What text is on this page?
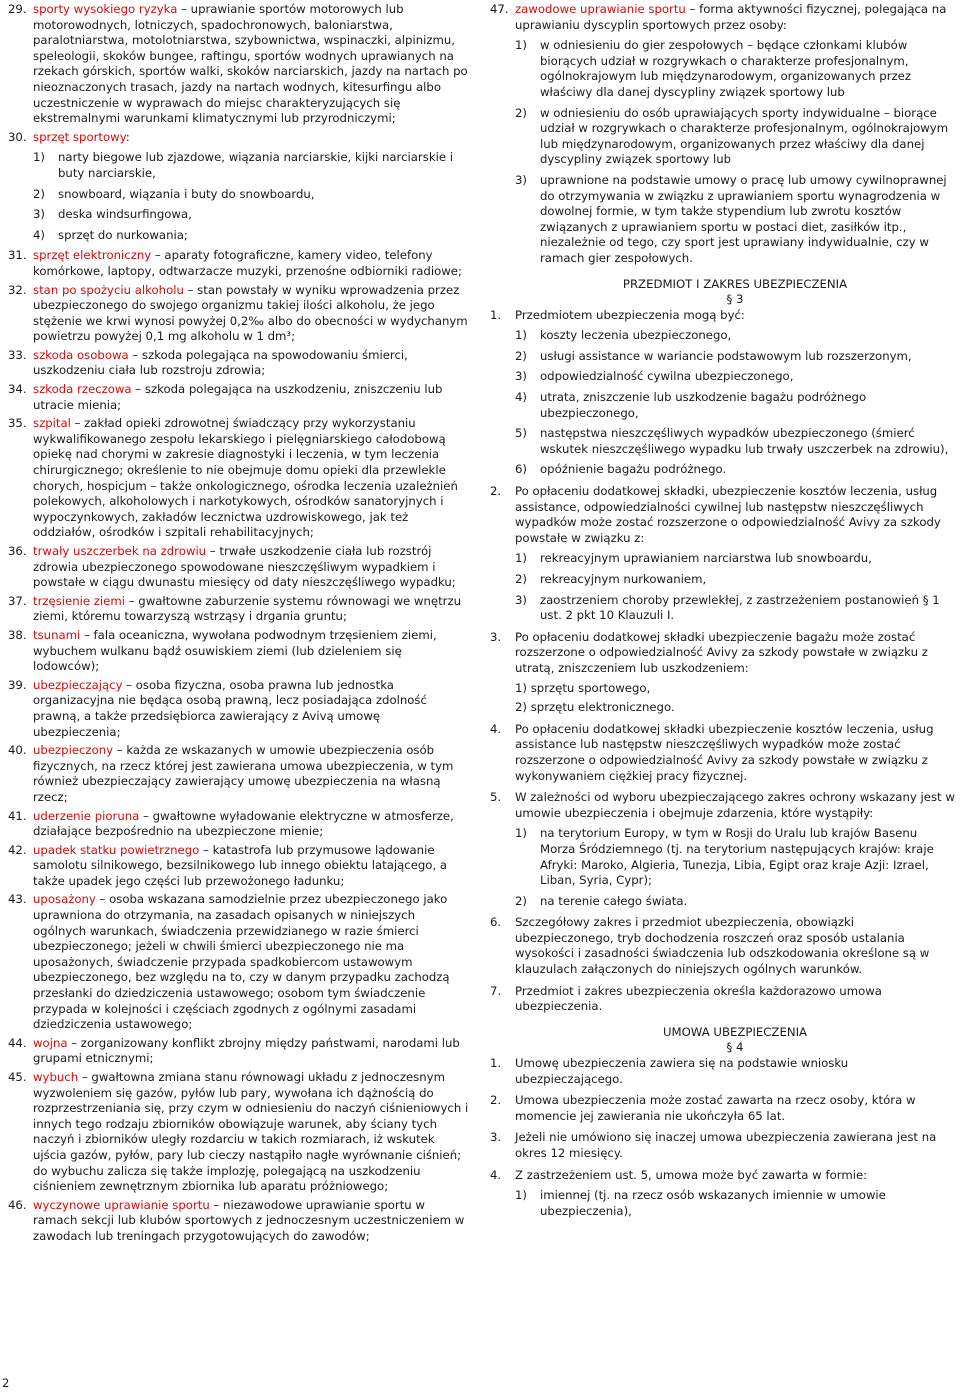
29. sporty wysokiego ryzyka – uprawianie sportów motorowych lub motorowodnych, lotniczych, spadochronowych, baloniarstwa, paralotniarstwa, motolotniarstwa, szybownictwa, wspinaczki, alpinizmu, speleologii, skoków bungee, raftingu, sportów wodnych uprawianych na rzekach górskich, sportów walki, skoków narciarskich, jazdy na nartach po nieoznaczonych trasach, jazdy na nartach wodnych, kitesurfingu albo uczestniczenie w wyprawach do miejsc charakteryzujących się ekstremalnymi warunkami klimatycznymi lub przyrodniczymi;
30. sprzęt sportowy:
1) narty biegowe lub zjazdowe, wiązania narciarskie, kijki narciarskie i buty narciarskie,
2) snowboard, wiązania i buty do snowboardu,
3) deska windsurfingowa,
4) sprzęt do nurkowania;
31. sprzęt elektroniczny – aparaty fotograficzne, kamery video, telefony komórkowe, laptopy, odtwarzacze muzyki, przenośne odbiorniki radiowe;
32. stan po spożyciu alkoholu – stan powstały w wyniku wprowadzenia przez ubezpieczonego do swojego organizmu takiej ilości alkoholu, że jego stężenie we krwi wynosi powyżej 0,2‰ albo do obecności w wydychanym powietrzu powyżej 0,1 mg alkoholu w 1 dm³;
33. szkoda osobowa – szkoda polegająca na spowodowaniu śmierci, uszkodzeniu ciała lub rozstroju zdrowia;
34. szkoda rzeczowa – szkoda polegająca na uszkodzeniu, zniszczeniu lub utracie mienia;
35. szpital – zakład opieki zdrowotnej świadczący przy wykorzystaniu wykwalifikowanego zespołu lekarskiego i pielęgniarskiego całodobową opiekę nad chorymi w zakresie diagnostyki i leczenia, w tym leczenia chirurgicznego; określenie to nie obejmuje domu opieki dla przewlekle chorych, hospicjum – także onkologicznego, ośrodka leczenia uzależnień polekowych, alkoholowych i narkotykowych, ośrodków sanatoryjnych i wypoczynkowych, zakładów lecznictwa uzdrowiskowego, jak też oddziałów, ośrodków i szpitali rehabilitacyjnych;
36. trwały uszczerbek na zdrowiu – trwałe uszkodzenie ciała lub rozstrój zdrowia ubezpieczonego spowodowane nieszczęśliwym wypadkiem i powstałe w ciągu dwunastu miesięcy od daty nieszczęśliwego wypadku;
37. trzęsienie ziemi – gwałtowne zaburzenie systemu równowagi we wnętrzu ziemi, któremu towarzyszą wstrząsy i drgania gruntu;
38. tsunami – fala oceaniczna, wywołana podwodnym trzęsieniem ziemi, wybuchem wulkanu bądź osuwiskiem ziemi (lub dzieleniem się lodowców);
39. ubezpieczający – osoba fizyczna, osoba prawna lub jednostka organizacyjna nie będąca osobą prawną, lecz posiadająca zdolność prawną, a także przedsiębiorca zawierający z Avivą umowę ubezpieczenia;
40. ubezpieczony – każda ze wskazanych w umowie ubezpieczenia osób fizycznych, na rzecz której jest zawierana umowa ubezpieczenia, w tym również ubezpieczający zawierający umowę ubezpieczenia na własną rzecz;
41. uderzenie pioruna – gwałtowne wyładowanie elektryczne w atmosferze, działające bezpośrednio na ubezpieczone mienie;
42. upadek statku powietrznego – katastrofa lub przymusowe lądowanie samolotu silnikowego, bezsilnikowego lub innego obiektu latającego, a także upadek jego części lub przewożonego ładunku;
43. uposażony – osoba wskazana samodzielnie przez ubezpieczonego jako uprawniona do otrzymania, na zasadach opisanych w niniejszych ogólnych warunkach, świadczenia przewidzianego w razie śmierci ubezpieczonego; jeżeli w chwili śmierci ubezpieczonego nie ma uposażonych, świadczenie przypada spadkobiercom ustawowym ubezpieczonego, bez względu na to, czy w danym przypadku zachodzą przesłanki do dziedziczenia ustawowego; osobom tym świadczenie przypada w kolejności i częściach zgodnych z ogólnymi zasadami dziedziczenia ustawowego;
44. wojna – zorganizowany konflikt zbrojny między państwami, narodami lub grupami etnicznymi;
45. wybuch – gwałtowna zmiana stanu równowagi układu z jednoczesnym wyzwoleniem się gazów, pyłów lub pary, wywołana ich dążnością do rozprzestrzeniania się, przy czym w odniesieniu do naczyń ciśnieniowych i innych tego rodzaju zbiorników obowiązuje warunek, aby ściany tych naczyń i zbiorników uległy rozdarciu w takich rozmiarach, iż wskutek ujścia gazów, pyłów, pary lub cieczy nastąpiło nagłe wyrównanie ciśnień; do wybuchu zalicza się także implozję, polegającą na uszkodzeniu ciśnieniem zewnętrznym zbiornika lub aparatu próżniowego;
46. wyczynowe uprawianie sportu – niezawodowe uprawianie sportu w ramach sekcji lub klubów sportowych z jednoczesnym uczestniczeniem w zawodach lub treningach przygotowujących do zawodów;
47. zawodowe uprawianie sportu – forma aktywności fizycznej, polegająca na uprawianiu dyscyplin sportowych przez osoby:
1) w odniesieniu do gier zespołowych – będące członkami klubów biorących udział w rozgrywkach o charakterze profesjonalnym, ogólnokrajowym lub międzynarodowym, organizowanych przez właściwy dla danej dyscypliny związek sportowy lub
2) w odniesieniu do osób uprawiających sporty indywidualne – biorące udział w rozgrywkach o charakterze profesjonalnym, ogólnokrajowym lub międzynarodowym, organizowanych przez właściwy dla danej dyscypliny związek sportowy lub
3) uprawnione na podstawie umowy o pracę lub umowy cywilnoprawnej do otrzymywania w związku z uprawianiem sportu wynagrodzenia w dowolnej formie, w tym także stypendium lub zwrotu kosztów związanych z uprawianiem sportu w postaci diet, zasiłków itp., niezależnie od tego, czy sport jest uprawiany indywidualnie, czy w ramach gier zespołowych.
PRZEDMIOT I ZAKRES UBEZPIECZENIA
§ 3
1. Przedmiotem ubezpieczenia mogą być:
1) koszty leczenia ubezpieczonego,
2) usługi assistance w wariancie podstawowym lub rozszerzonym,
3) odpowiedzialność cywilna ubezpieczonego,
4) utrata, zniszczenie lub uszkodzenie bagażu podróżnego ubezpieczonego,
5) następstwa nieszczęśliwych wypadków ubezpieczonego (śmierć wskutek nieszczęśliwego wypadku lub trwały uszczerbek na zdrowiu),
6) opóźnienie bagażu podróżnego.
2. Po opłaceniu dodatkowej składki, ubezpieczenie kosztów leczenia, usług assistance, odpowiedzialności cywilnej lub następstw nieszczęśliwych wypadków może zostać rozszerzone o odpowiedzialność Avivy za szkody powstałe w związku z:
1) rekreacyjnym uprawianiem narciarstwa lub snowboardu,
2) rekreacyjnym nurkowaniem,
3) zaostrzeniem choroby przewlekłej, z zastrzeżeniem postanowień § 1 ust. 2 pkt 10 Klauzuli I.
3. Po opłaceniu dodatkowej składki ubezpieczenie bagażu może zostać rozszerzone o odpowiedzialność Avivy za szkody powstałe w związku z utratą, zniszczeniem lub uszkodzeniem:
1) sprzętu sportowego,
2) sprzętu elektronicznego.
4. Po opłaceniu dodatkowej składki ubezpieczenie kosztów leczenia, usług assistance lub następstw nieszczęśliwych wypadków może zostać rozszerzone o odpowiedzialność Avivy za szkody powstałe w związku z wykonywaniem ciężkiej pracy fizycznej.
5. W zależności od wyboru ubezpieczającego zakres ochrony wskazany jest w umowie ubezpieczenia i obejmuje zdarzenia, które wystąpiły:
1) na terytorium Europy, w tym w Rosji do Uralu lub krajów Basenu Morza Śródziemnego (tj. na terytorium następujących krajów: kraje Afryki: Maroko, Algieria, Tunezja, Libia, Egipt oraz kraje Azji: Izrael, Liban, Syria, Cypr);
2) na terenie całego świata.
6. Szczegółowy zakres i przedmiot ubezpieczenia, obowiązki ubezpieczonego, tryb dochodzenia roszczeń oraz sposób ustalania wysokości i zasadności świadczenia lub odszkodowania określone są w klauzulach załączonych do niniejszych ogólnych warunków.
7. Przedmiot i zakres ubezpieczenia określa każdorazowo umowa ubezpieczenia.
UMOWA UBEZPIECZENIA
§ 4
1. Umowę ubezpieczenia zawiera się na podstawie wniosku ubezpieczającego.
2. Umowa ubezpieczenia może zostać zawarta na rzecz osoby, która w momencie jej zawierania nie ukończyła 65 lat.
3. Jeżeli nie umówiono się inaczej umowa ubezpieczenia zawierana jest na okres 12 miesięcy.
4. Z zastrzeżeniem ust. 5, umowa może być zawarta w formie:
1) imiennej (tj. na rzecz osób wskazanych imiennie w umowie ubezpieczenia),
2
